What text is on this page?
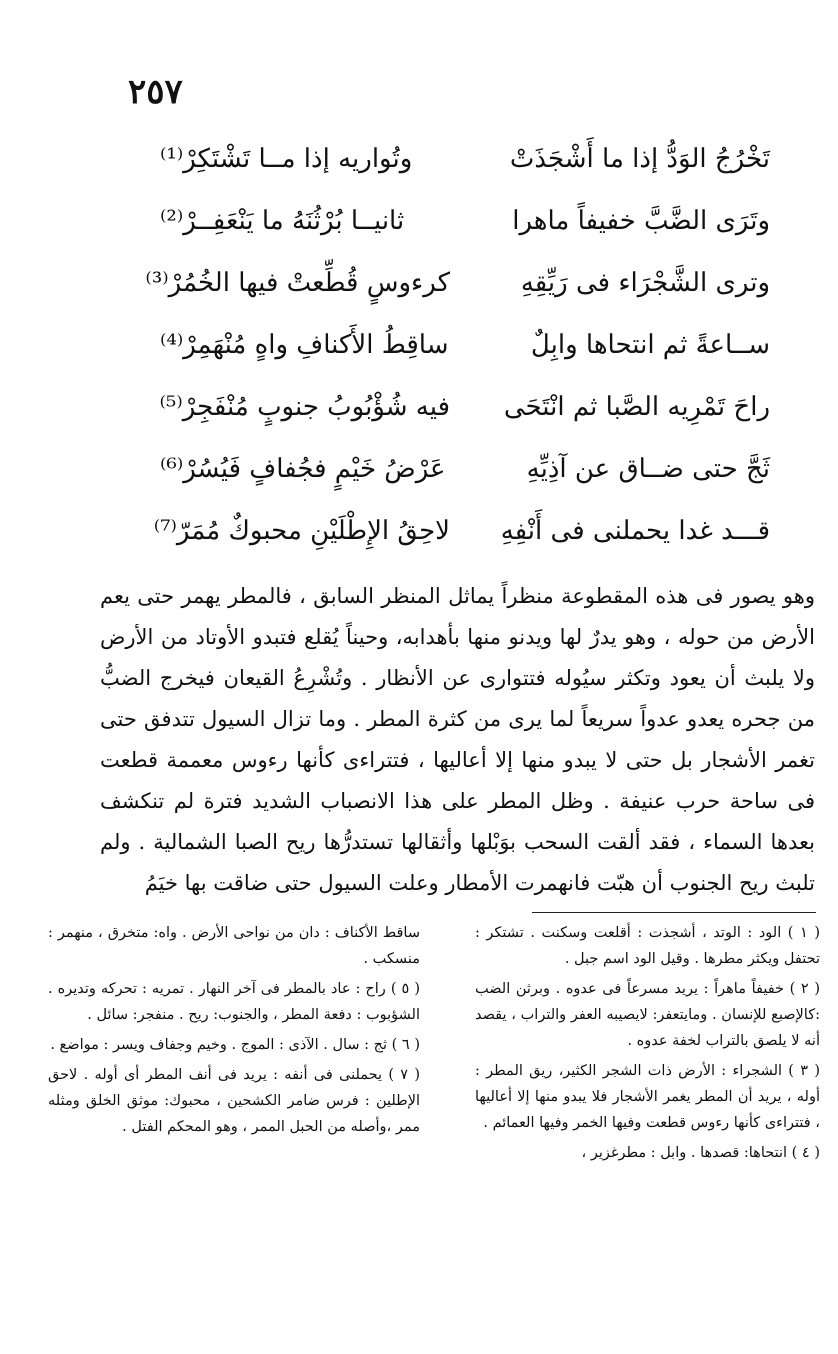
٢٥٧
تَخْرُجُ الوَدُّ إذا ما أَشْجَذَتْ
وتُواريه إذا مــا تَشْتَكِرْ⁽¹⁾
وتَرَى الضَّبَّ خفيفاً ماهرا
ثانيــا بُرْثُنَهُ ما يَنْعَفِــرْ⁽²⁾
وترى الشَّجْرَاء فى رَيِّقِهِ
كرءوسٍ قُطِّعتْ فيها الخُمُرْ⁽³⁾
ســاعةً ثم انتحاها وابِلٌ
ساقِطُ الأَكنافِ واهٍ مُنْهَمِرْ⁽⁴⁾
راحَ تَمْرِيه الصَّبا ثم انْتَحَى
فيه شُؤْبُوبُ جنوبٍ مُنْفَجِرْ⁽⁵⁾
ثَجَّ حتى ضــاق عن آذِيِّهِ
عَرْضُ خَيْمٍ فجُفافٍ فَيُسُرْ⁽⁶⁾
قـــد غدا يحملنى فى أَنْفِهِ
لاحِقُ الإِطْلَيْنِ محبوكٌ مُمَرّ⁽⁷⁾

وهو يصور فى هذه المقطوعة منظراً يماثل المنظر السابق ، فالمطر يهمر حتى يعم الأرض من حوله ، وهو يدرٌ لها ويدنو منها بأهدابه، وحيناً يُقلع فتبدو الأوتاد من الأرض ولا يلبث أن يعود وتكثر سيُوله فتتوارى عن الأنظار . وتُشْرِعُ القيعان فيخرج الضبُّ من جحره يعدو عدواً سريعاً لما يرى من كثرة المطر . وما تزال السيول تتدفق حتى تغمر الأشجار بل حتى لا يبدو منها إلا أعاليها ، فتتراءى كأنها رءوس معممة قطعت فى ساحة حرب عنيفة . وظل المطر على هذا الانصباب الشديد فترة لم تنكشف بعدها السماء ، فقد ألقت السحب بوَبْلها وأثقالها تستدرُّها ريح الصبا الشمالية . ولم تلبث ريح الجنوب أن هبّت فانهمرت الأمطار وعلت السيول حتى ضاقت بها خيَمُ

( ١ ) الود : الوتد ، أشجذت : أقلعت وسكنت . تشتكر : تحتفل ويكثر مطرها . وقيل الود اسم جبل .
( ٢ ) خفيفاً ماهراً : يريد مسرعاً فى عدوه . وبرثن الضب :كالإصبع للإنسان . ومايتعفر: لايصيبه العفر والتراب ، يقصد أنه لا يلصق بالتراب لخفة عدوه .
( ٣ ) الشجراء : الأرض ذات الشجر الكثير، ريق المطر : أوله ، يريد أن المطر يغمر الأشجار فلا يبدو منها إلا أعاليها ، فتتراءى كأنها رءوس قطعت وفيها الخمر وفيها العمائم .
( ٤ ) انتحاها: قصدها . وابل : مطرغزير ،
ساقط الأكناف : دان من نواحى الأرض . واه: متخرق ، منهمر : منسكب .
( ٥ ) راح : عاد بالمطر فى آخر النهار . تمريه : تحركه وتديره . الشؤبوب : دفعة المطر ، والجنوب: ريح . منفجر: سائل .
( ٦ ) ثج : سال . الآذى : الموج . وخيم وجفاف ويسر : مواضع .
( ٧ ) يحملنى فى أنفه : يريد فى أنف المطر أى أوله . لاحق الإطلين : فرس ضامر الكشحين ، محبوك: موثق الخلق ومثله ممر ،وأصله من الحبل الممر ، وهو المحكم الفتل .
